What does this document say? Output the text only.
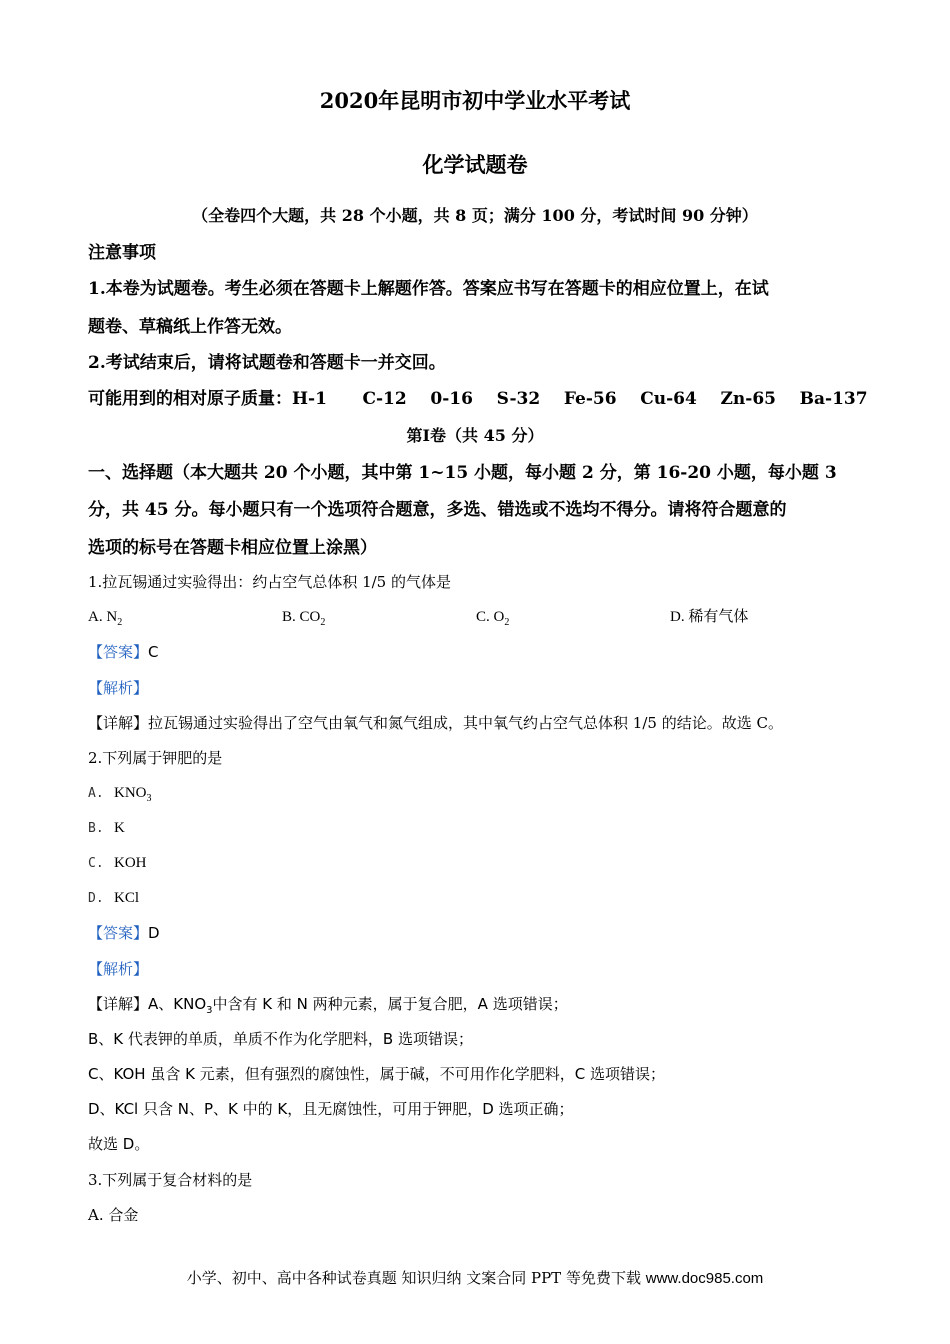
2020年昆明市初中学业水平考试
化学试题卷
（全卷四个大题，共 28 个小题，共 8 页；满分 100 分，考试时间 90 分钟）
注意事项
1.本卷为试题卷。考生必须在答题卡上解题作答。答案应书写在答题卡的相应位置上，在试
题卷、草稿纸上作答无效。
2.考试结束后，请将试题卷和答题卡一并交回。
可能用到的相对原子质量：H-1      C-12    0-16    S-32    Fe-56    Cu-64    Zn-65    Ba-137
第Ⅰ卷（共 45 分）
一、选择题（本大题共 20 个小题，其中第 1~15 小题，每小题 2 分，第 16-20 小题，每小题 3
分，共 45 分。每小题只有一个选项符合题意，多选、错选或不选均不得分。请将符合题意的
选项的标号在答题卡相应位置上涂黑）
1.拉瓦锡通过实验得出：约占空气总体积 1/5 的气体是
A. $N_2$	B. $CO_2$	C. $O_2$	D. 稀有气体
【答案】C
【解析】
【详解】拉瓦锡通过实验得出了空气由氧气和氮气组成，其中氧气约占空气总体积 1/5 的结论。故选 C。
2.下列属于钾肥的是
A. $KNO_3$
B. K
C. KOH
D. KCl
【答案】D
【解析】
【详解】A、$KNO_3$中含有 K 和 N 两种元素，属于复合肥，A 选项错误；
B、K 代表钾的单质，单质不作为化学肥料，B 选项错误；
C、KOH 虽含 K 元素，但有强烈的腐蚀性，属于碱，不可用作化学肥料，C 选项错误；
D、KCl 只含 N、P、K 中的 K，且无腐蚀性，可用于钾肥，D 选项正确；
故选 D。
3.下列属于复合材料的是
A. 合金
小学、初中、高中各种试卷真题 知识归纳 文案合同 PPT 等免费下载 www.doc985.com
